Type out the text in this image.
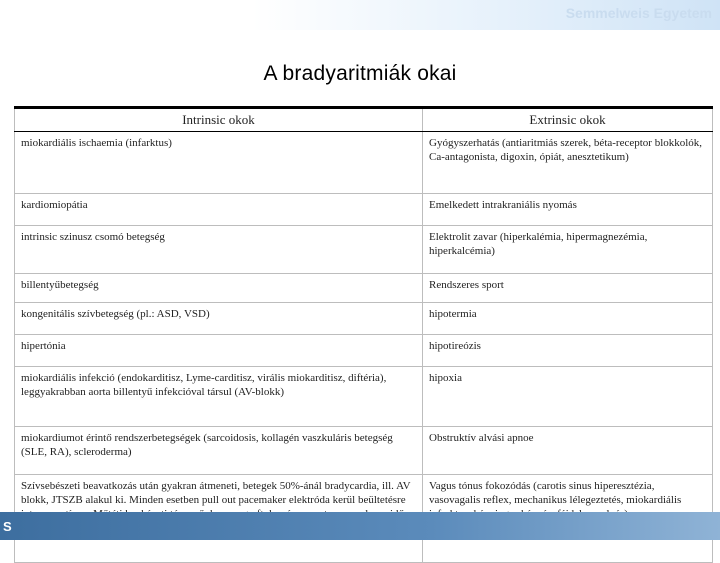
Semmelweis Egyetem
A bradyaritmiák okai
Intrinsic okok	Extrinsic okok
miokardiális ischaemia (infarktus)	Gyógyszerhatás (antiaritmiás szerek, béta-receptor blokkolók, Ca-antagonista, digoxin, ópiát, anesztetikum)
kardiomiopátia	Emelkedett intrakraniális nyomás
intrinsic szinusz csomó betegség	Elektrolit zavar (hiperkalémia, hipermagnezémia, hiperkalcémia)
billentyűbetegség	Rendszeres sport
kongenitális szívbetegség (pl.: ASD, VSD)	hipotermia
hipertónia	hipotireózis
miokardiális infekció (endokarditisz, Lyme-carditisz, virális miokarditisz, diftéria), leggyakrabban aorta billentyű infekcióval társul (AV-blokk)	hipoxia
miokardiumot érintő rendszerbetegségek (sarcoidosis, kollagén vaszkuláris betegség (SLE, RA), scleroderma)	Obstruktív alvási apnoe
Szívsebészeti beavatkozás után gyakran átmeneti, betegek 50%-ánál bradycardia, ill. AV blokk, JTSZB alakul ki. Minden esetben pull out pacemaker elektróda kerül beültetésre	Vagus tónus fokozódás (carotis sinus hiperesztézia, vasovagalis reflex, mechanikus lélegeztetés, miokardiális
S
